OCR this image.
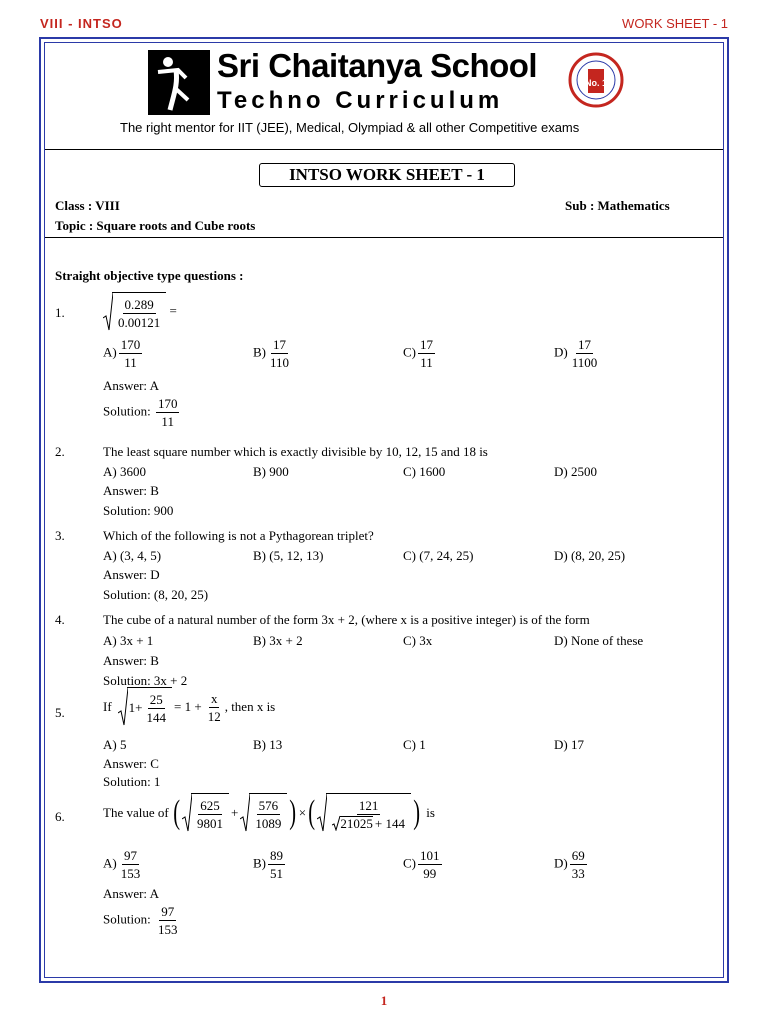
VIII - INTSO	WORK SHEET - 1
Sri Chaitanya School
Techno Curriculum
The right mentor for IIT (JEE), Medical, Olympiad & all other Competitive exams
No. 1
INTSO WORK SHEET - 1
Class : VIII	Sub : Mathematics
Topic : Square roots and Cube roots
Straight objective type questions :
1.	$\frac{0.289}{0.00121}$ =
$A) \frac{170}{11}$	$B) \frac{17}{110}$	$C) \frac{17}{11}$	$D) \frac{17}{1100}$
Answer: A
Solution: $\frac{170}{11}$
2.	The least square number which is exactly divisible by 10, 12, 15 and 18 is
A) 3600	B) 900	C) 1600	D) 2500
Answer: B
Solution: 900
3.	Which of the following is not a Pythagorean triplet?
A) (3, 4, 5)	B) (5, 12, 13)	C) (7, 24, 25)	D) (8, 20, 25)
Answer: D
Solution: (8, 20, 25)
4.	The cube of a natural number of the form 3x + 2, (where x is a positive integer) is of the form
A) 3x + 1	B) 3x + 2	C) 3x	D) None of these
Answer: B
Solution: 3x + 2
5.	If $1+ \frac{25}{144} = 1 + \frac{x}{12}$ , then x is
A) 5	B) 13	C) 1	D) 17
Answer: C
Solution: 1
6.	The value of ( $\frac{625}{9801} + \frac{576}{1089}$ ) × ( $\frac{121}{21025 + 144}$ ) is
$A) \frac{97}{153}$	$B) \frac{89}{51}$	$C) \frac{101}{99}$	$D) \frac{69}{33}$
Answer: A
Solution: $\frac{97}{153}$
1
